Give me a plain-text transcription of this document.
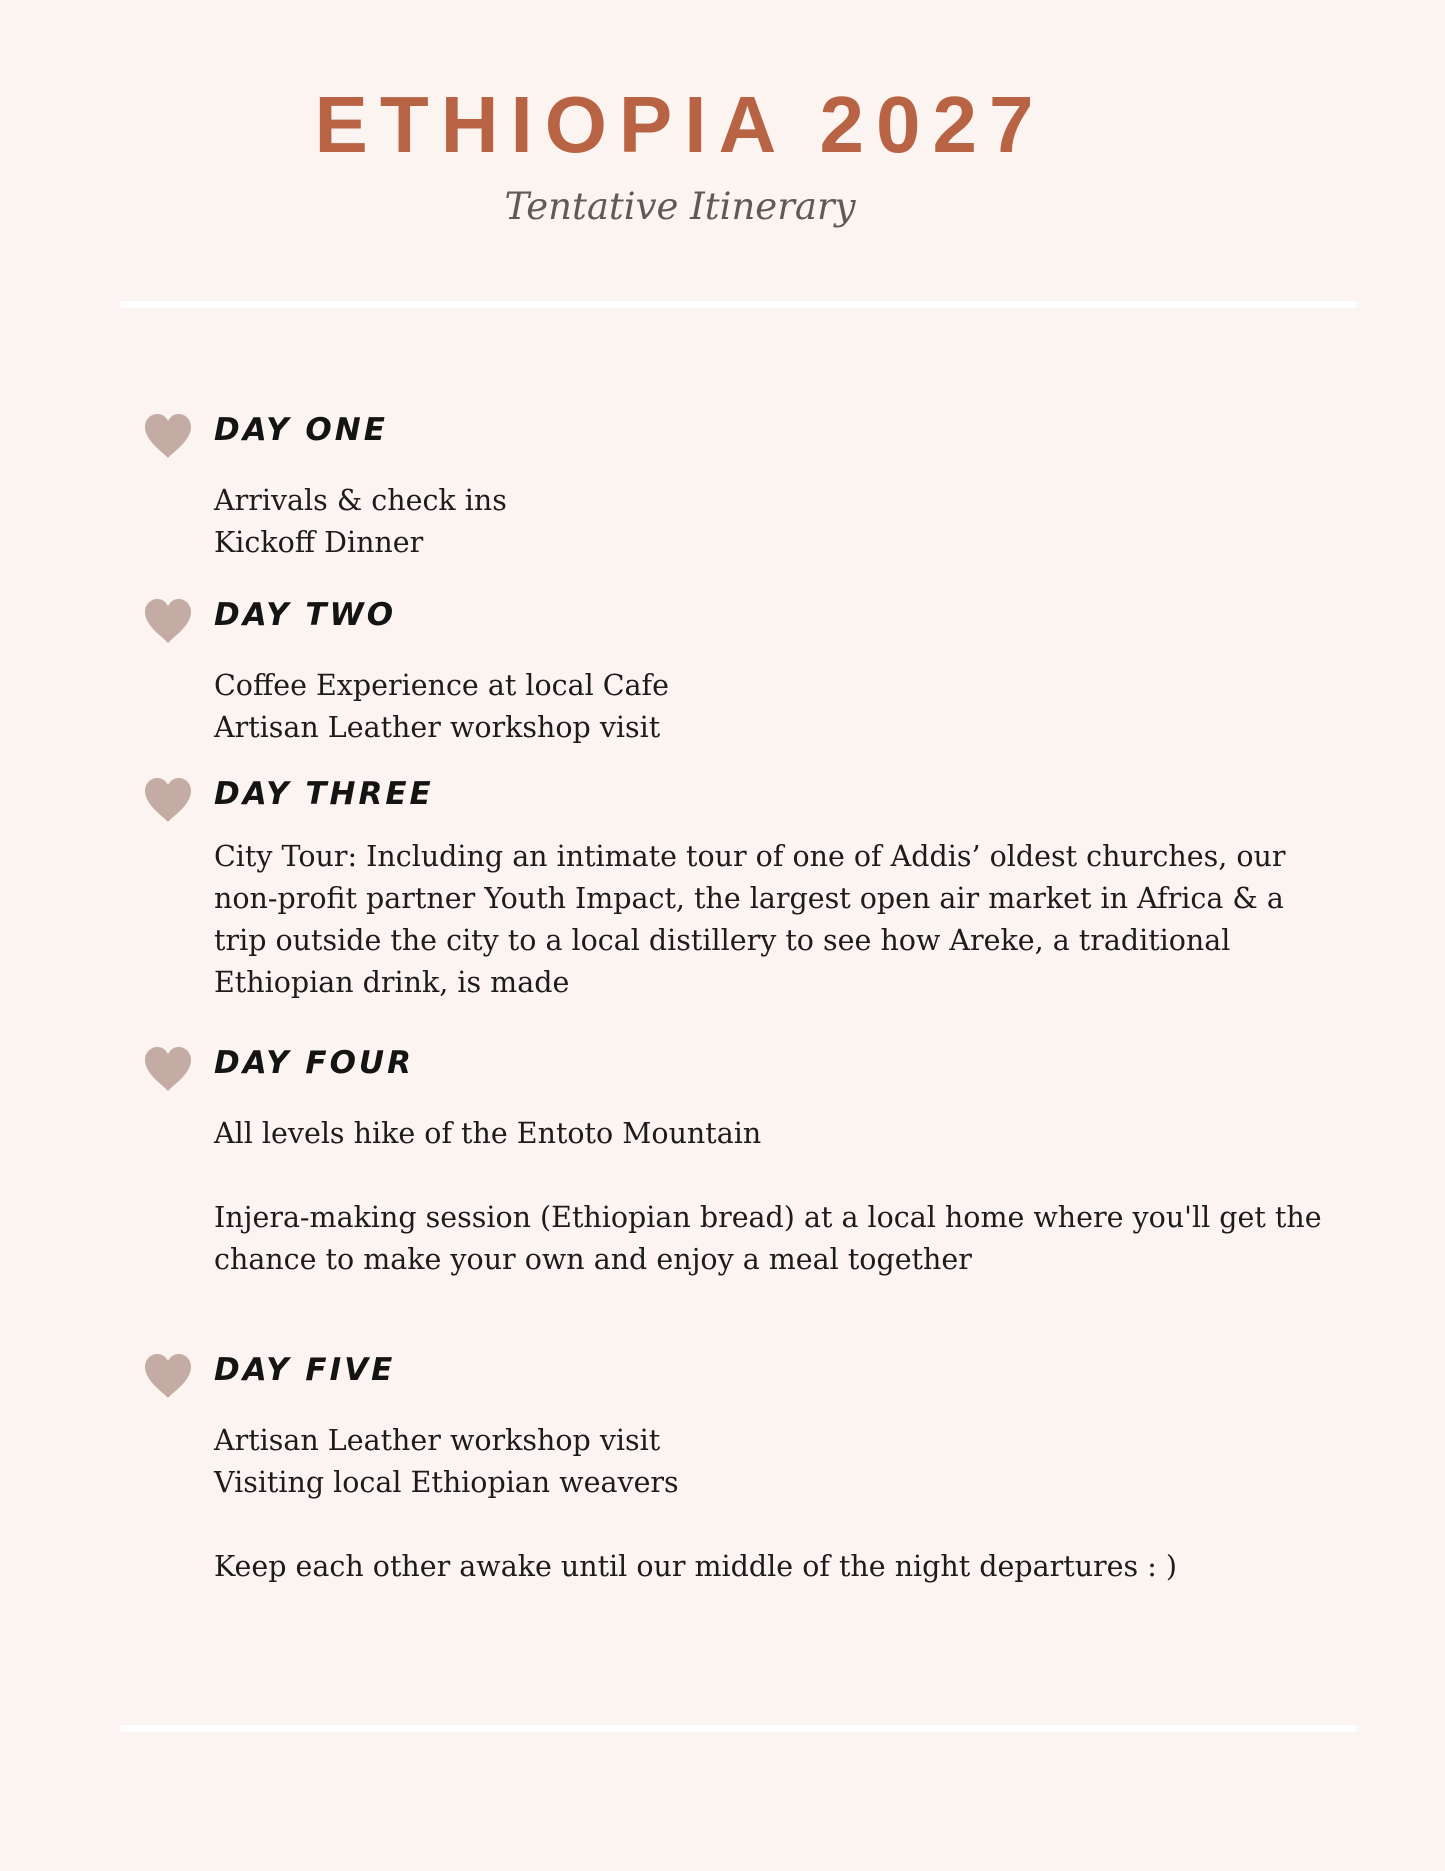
ETHIOPIA 2027
Tentative Itinerary
DAY ONE

Arrivals & check ins

Kickoff Dinner

DAY TWO

Coffee Experience at local Cafe

Artisan Leather workshop visit

DAY THREE

City Tour: Including an intimate tour of one of Addis’ oldest churches, our non-profit partner Youth Impact, the largest open air market in Africa & a trip outside the city to a local distillery to see how Areke, a traditional Ethiopian drink, is made

DAY FOUR

All levels hike of the Entoto Mountain

Injera-making session (Ethiopian bread) at a local home where you'll get the chance to make your own and enjoy a meal together

DAY FIVE

Artisan Leather workshop visit

Visiting local Ethiopian weavers

Keep each other awake until our middle of the night departures : )
